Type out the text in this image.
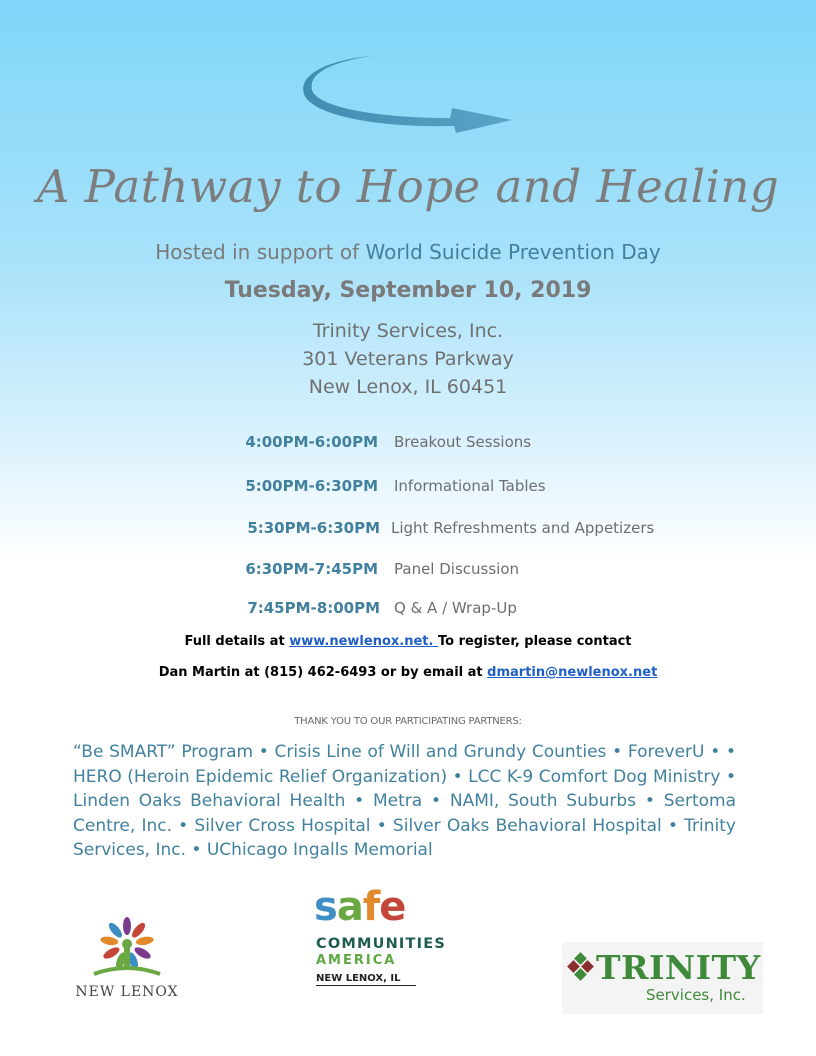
A Pathway to Hope and Healing
Hosted in support of World Suicide Prevention Day
Tuesday, September 10, 2019
Trinity Services, Inc.
301 Veterans Parkway
New Lenox, IL 60451
4:00PM-6:00PM Breakout Sessions
5:00PM-6:30PM Informational Tables
5:30PM-6:30PM Light Refreshments and Appetizers
6:30PM-7:45PM Panel Discussion
7:45PM-8:00PM Q & A / Wrap-Up
Full details at www.newlenox.net. To register, please contact
Dan Martin at (815) 462-6493 or by email at dmartin@newlenox.net
THANK YOU TO OUR PARTICIPATING PARTNERS:
“Be SMART” Program • Crisis Line of Will and Grundy Counties • ForeverU • • HERO (Heroin Epidemic Relief Organization) • LCC K-9 Comfort Dog Ministry • Linden Oaks Behavioral Health • Metra • NAMI, South Suburbs • Sertoma Centre, Inc. • Silver Cross Hospital • Silver Oaks Behavioral Hospital • Trinity Services, Inc. • UChicago Ingalls Memorial
NEW LENOX
safe
COMMUNITIES
AMERICA
NEW LENOX, IL	TRINITY
Services, Inc.
